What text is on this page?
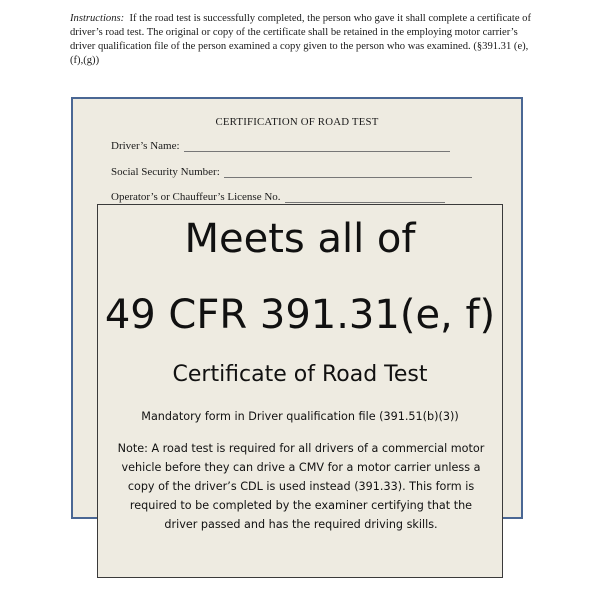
Instructions: If the road test is successfully completed, the person who gave it shall complete a certificate of driver’s road test. The original or copy of the certificate shall be retained in the employing motor carrier’s driver qualification file of the person examined a copy given to the person who was examined. (§391.31 (e),(f),(g))
CERTIFICATION OF ROAD TEST
Driver’s Name:
Social Security Number:
Operator’s or Chauffeur’s License No.
Meets all of
49 CFR 391.31(e, f)
Certificate of Road Test
Mandatory form in Driver qualification file (391.51(b)(3))
Note: A road test is required for all drivers of a commercial motor vehicle before they can drive a CMV for a motor carrier unless a copy of the driver’s CDL is used instead (391.33). This form is required to be completed by the examiner certifying that the driver passed and has the required driving skills.
